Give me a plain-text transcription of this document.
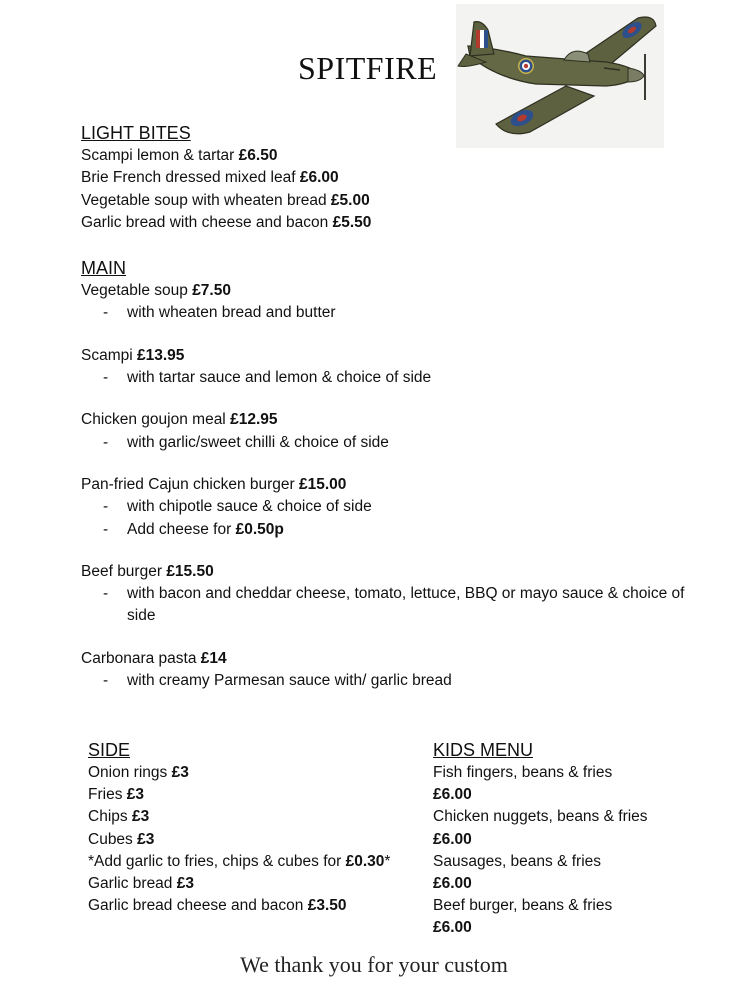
SPITFIRE

LIGHT BITES

Scampi lemon & tartar £6.50

Brie French dressed mixed leaf £6.00

Vegetable soup with wheaten bread £5.00

Garlic bread with cheese and bacon £5.50

MAIN

Vegetable soup £7.50

- with wheaten bread and butter

Scampi £13.95

- with tartar sauce and lemon & choice of side

Chicken goujon meal £12.95

- with garlic/sweet chilli & choice of side

Pan-fried Cajun chicken burger £15.00

- with chipotle sauce & choice of side

- Add cheese for £0.50p

Beef burger £15.50

- with bacon and cheddar cheese, tomato, lettuce, BBQ or mayo sauce & choice of side

Carbonara pasta £14

- with creamy Parmesan sauce with/ garlic bread

SIDE

Onion rings £3

Fries £3

Chips £3

Cubes £3

*Add garlic to fries, chips & cubes for £0.30*

Garlic bread £3

Garlic bread cheese and bacon £3.50

KIDS MENU

Fish fingers, beans & fries
£6.00

Chicken nuggets, beans & fries £6.00

Sausages, beans & fries
£6.00

Beef burger, beans & fries
£6.00

We thank you for your custom
